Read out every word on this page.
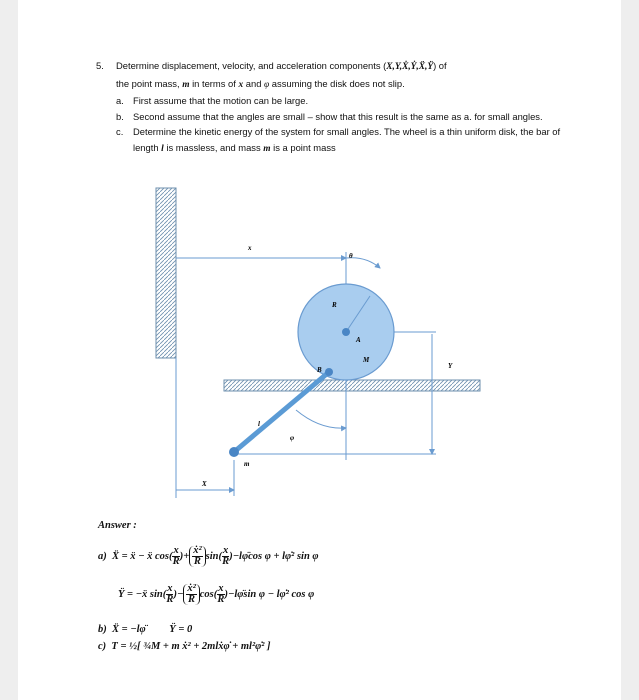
5. Determine displacement, velocity, and acceleration components (X,Y,Ẋ,Ẏ,Ẍ,Ÿ) of
the point mass, m in terms of x and φ assuming the disk does not slip.
a. First assume that the motion can be large.
b. Second assume that the angles are small – show that this result is the same as a. for small angles.
c. Determine the kinetic energy of the system for small angles. The wheel is a thin uniform disk, the bar of length l is massless, and mass m is a point mass
x
θ
R
A
M
Y
B
l
φ
m
X
Answer :
a) Ẍ = ẍ − ẍ $\cos( \frac{x}{R}$ )+ $\frac{\text{ẋ²}}{R} \sin( \frac{x}{R}$ )−lφ̈cos φ + lφ̇² sin φ
Ÿ = −ẍ $\sin( \frac{x}{R}$ )− $\frac{\text{ẋ²}}{R} \cos( \frac{x}{R}$ )−lφ̈sin φ − lφ̇² cos φ
b) Ẍ = −lφ̈ Ÿ = 0
c) T = ½[ ¾M + m ẋ² + 2mlẋφ̇ + ml²φ̇² ]
